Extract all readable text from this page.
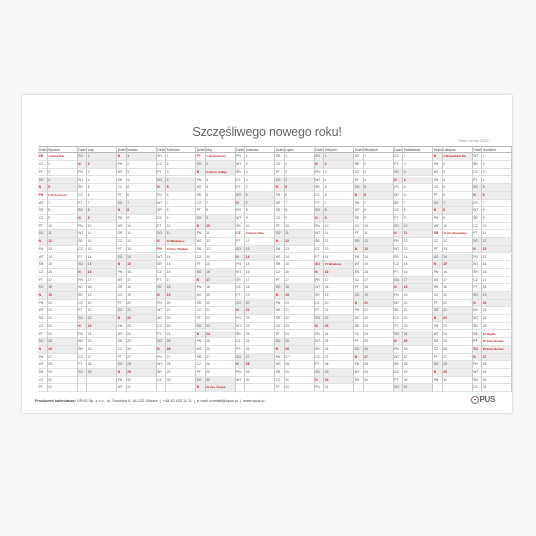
Szczęśliwego nowego roku!
Plan roczny 2020
Dzień Styczeń
ŚR	1 Nowy Rok
CZ	2
PT	3
SO	4
N	5
PN	6 Trzech Króli
WT	7
ŚR	8
CZ	9
PT	10
SO	11
N	12
PN	13
WT	14
ŚR	15
CZ	16
PT	17
SO	18
N	19
PN	20
WT	21
ŚR	22
CZ	23
PT	24
SO	25
N	26
PN	27
WT	28
ŚR	29
CZ	30
PT	31
Dzień Luty
SO	1
N	2
PN	3
WT	4
ŚR	5
CZ	6
PT	7
SO	8
N	9
PN	10
WT	11
ŚR	12
CZ	13
PT	14
SO	15
N	16
PN	17
WT	18
ŚR	19
CZ	20
PT	21
SO	22
N	23
PN	24
WT	25
ŚR	26
CZ	27
PT	28
SO	29
Dzień Marzec
N	1
PN	2
WT	3
ŚR	4
CZ	5
PT	6
SO	7
N	8
PN	9
WT	10
ŚR	11
CZ	12
PT	13
SO	14
N	15
PN	16
WT	17
ŚR	18
CZ	19
PT	20
SO	21
N	22
PN	23
WT	24
ŚR	25
CZ	26
PT	27
SO	28
N	29
PN	30
WT	31
Dzień Kwiecień
ŚR	1
CZ	2
PT	3
SO	4
N	5
PN	6
WT	7
ŚR	8
CZ	9
PT	10
SO	11
N	12 Wielkanoc
PN	13 Pon. Wielkan.
WT	14
ŚR	15
CZ	16
PT	17
SO	18
N	19
PN	20
WT	21
ŚR	22
CZ	23
PT	24
SO	25
N	26
PN	27
WT	28
ŚR	29
CZ	30
Dzień Maj
PT	1 Święto Pracy
SO	2
N	3 Konst. 3 Maja
PN	4
WT	5
ŚR	6
CZ	7
PT	8
SO	9
N	10
PN	11
WT	12
ŚR	13
CZ	14
PT	15
SO	16
N	17
PN	18
WT	19
ŚR	20
CZ	21
PT	22
SO	23
N	24
PN	25
WT	26
ŚR	27
CZ	28
PT	29
SO	30
N	31 Zes. Święte
Dzień Czerwiec
PN	1
WT	2
ŚR	3
CZ	4
PT	5
SO	6
N	7
PN	8
WT	9
ŚR	10
CZ	11 Boże Ciało
PT	12
SO	13
N	14
PN	15
WT	16
ŚR	17
CZ	18
PT	19
SO	20
N	21
PN	22
WT	23
ŚR	24
CZ	25
PT	26
SO	27
N	28
PN	29
WT	30
Dzień Lipiec
ŚR	1
CZ	2
PT	3
SO	4
N	5
PN	6
WT	7
ŚR	8
CZ	9
PT	10
SO	11
N	12
PN	13
WT	14
ŚR	15
CZ	16
PT	17
SO	18
N	19
PN	20
WT	21
ŚR	22
CZ	23
PT	24
SO	25
N	26
PN	27
WT	28
ŚR	29
CZ	30
PT	31
Dzień Sierpień
SO	1
N	2
PN	3
WT	4
ŚR	5
CZ	6
PT	7
SO	8
N	9
PN	10
WT	11
ŚR	12
CZ	13
PT	14
SO	15 Wniebow.
N	16
PN	17
WT	18
ŚR	19
CZ	20
PT	21
SO	22
N	23
PN	24
WT	25
ŚR	26
CZ	27
PT	28
SO	29
N	30
PN	31
Dzień Wrzesień
WT	1
ŚR	2
CZ	3
PT	4
SO	5
N	6
PN	7
WT	8
ŚR	9
CZ	10
PT	11
SO	12
N	13
PN	14
WT	15
ŚR	16
CZ	17
PT	18
SO	19
N	20
PN	21
WT	22
ŚR	23
CZ	24
PT	25
SO	26
N	27
PN	28
WT	29
ŚR	30
Dzień Październik
CZ	1
PT	2
SO	3
N	4
PN	5
WT	6
ŚR	7
CZ	8
PT	9
SO	10
N	11
PN	12
WT	13
ŚR	14
CZ	15
PT	16
SO	17
N	18
PN	19
WT	20
ŚR	21
CZ	22
PT	23
SO	24
N	25
PN	26
WT	27
ŚR	28
CZ	29
PT	30
SO	31
Dzień Listopad
N	1 Wszystkich Św.
PN	2
WT	3
ŚR	4
CZ	5
PT	6
SO	7
N	8
PN	9
WT	10
ŚR	11 Św. Niepodleg.
CZ	12
PT	13
SO	14
N	15
PN	16
WT	17
ŚR	18
CZ	19
PT	20
SO	21
N	22
PN	23
WT	24
ŚR	25
CZ	26
PT	27
SO	28
N	29
PN	30
Dzień Grudzień
WT	1
ŚR	2
CZ	3
PT	4
SO	5
N	6
PN	7
WT	8
ŚR	9
CZ	10
PT	11
SO	12
N	13
PN	14
WT	15
ŚR	16
CZ	17
PT	18
SO	19
N	20
PN	21
WT	22
ŚR	23
CZ	24 Wigilia
PT	25 Boże Narodz.
SO	26 Boże Narodz.
N	27
PN	28
WT	29
ŚR	30
CZ	31
Producent kalendarza: OPUS Sp. z o.o., ul. Toruńska 8, 44-122 Gliwice  |  +48 32 433 11 11  |  e-mail: kontakt@opus.pl  |  www.opus.pl	PUS
